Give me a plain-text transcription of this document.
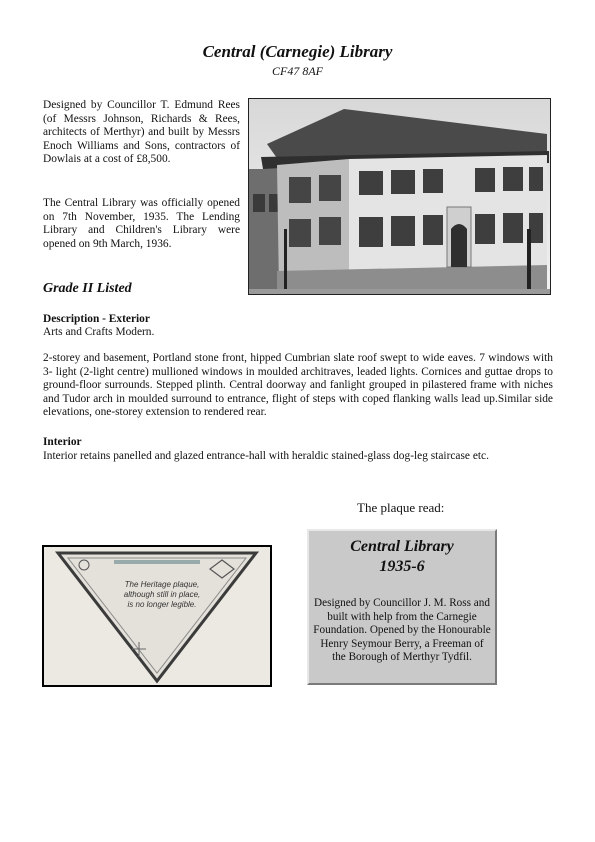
Central (Carnegie) Library
CF47 8AF
Designed by Councillor T. Edmund Rees (of Messrs Johnson, Richards & Rees, architects of Merthyr) and built by Messrs Enoch Williams and Sons, contractors of Dowlais at a cost of £8,500.
The Central Library was officially opened on 7th November, 1935. The Lending Library and Children's Library were opened on 9th March, 1936.
Grade II Listed
Description - Exterior
Arts and Crafts Modern.
2-storey and basement, Portland stone front, hipped Cumbrian slate roof swept to wide eaves. 7 windows with 3- light (2-light centre) mullioned windows in moulded architraves, leaded lights. Cornices and guttae drops to ground-floor surrounds. Stepped plinth. Central doorway and fanlight grouped in pilastered frame with niches and Tudor arch in moulded surround to entrance, flight of steps with coped flanking walls lead up.Similar side elevations, one-storey extension to rendered rear.
Interior
Interior retains panelled and glazed entrance-hall with heraldic stained-glass dog-leg staircase etc.
The plaque read:
The Heritage plaque,
although still in place,
is no longer legible.
Central Library
1935-6
Designed by Councillor J. M. Ross and built with help from the Carnegie Foundation. Opened by the Honourable Henry Seymour Berry, a Freeman of the Borough of Merthyr Tydfil.
